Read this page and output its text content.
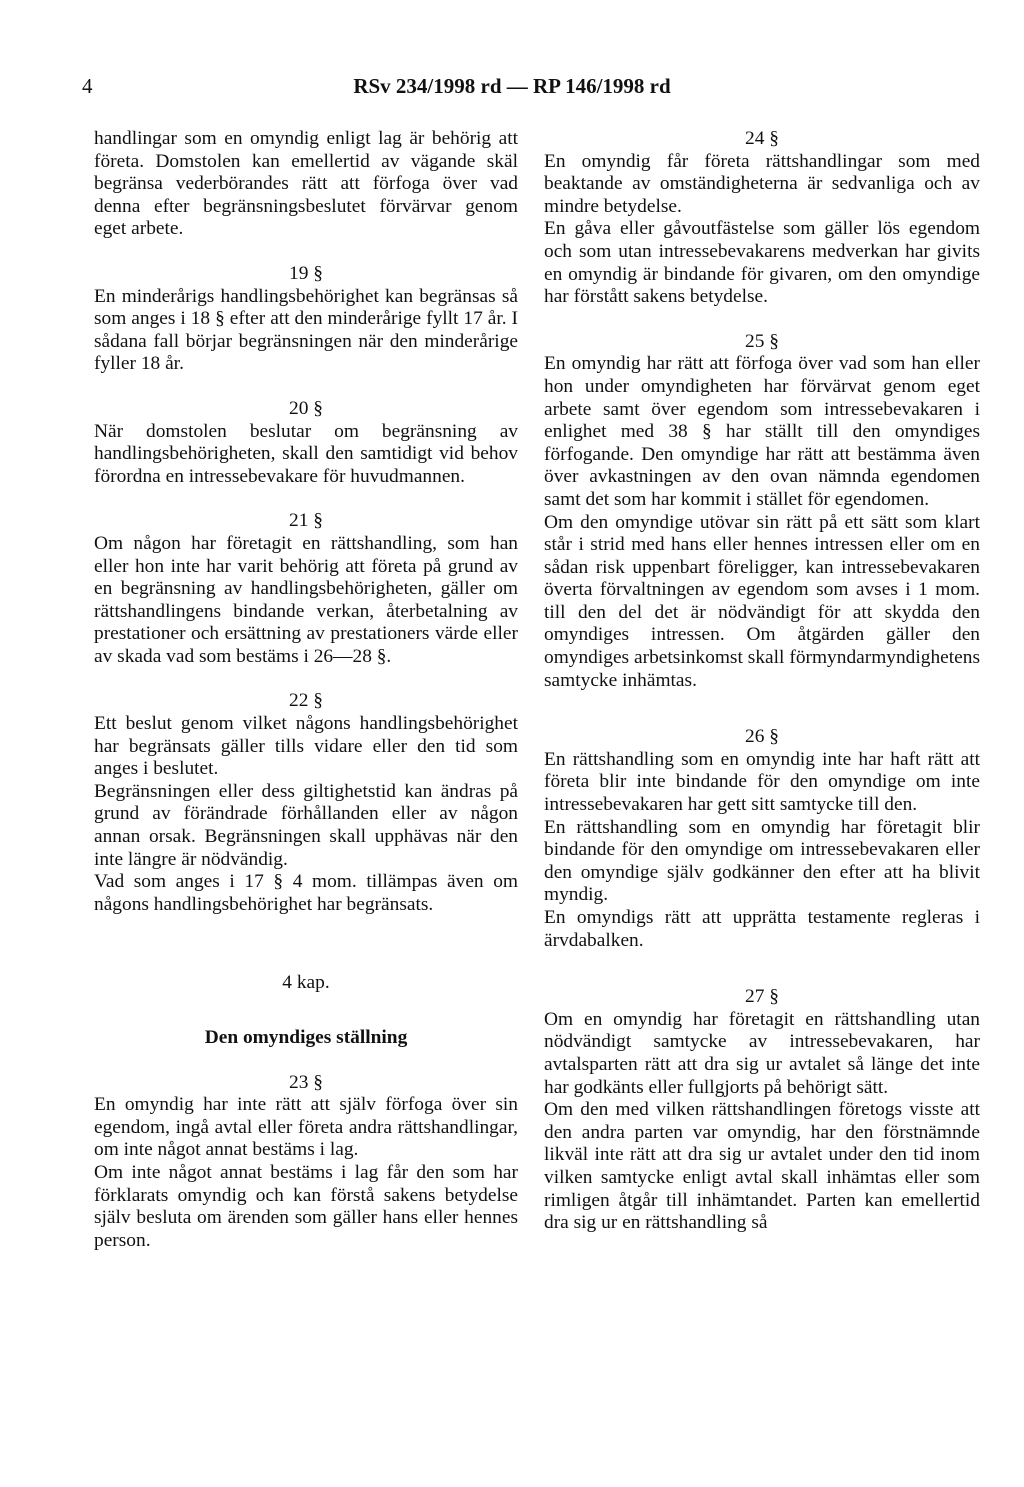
4	RSv 234/1998 rd — RP 146/1998 rd

handlingar som en omyndig enligt lag är behörig att företa. Domstolen kan emellertid av vägande skäl begränsa vederbörandes rätt att förfoga över vad denna efter begränsningsbeslutet förvärvar genom eget arbete.

19 §

En minderårigs handlingsbehörighet kan begränsas så som anges i 18 § efter att den minderårige fyllt 17 år. I sådana fall börjar begränsningen när den minderårige fyller 18 år.

20 §

När domstolen beslutar om begränsning av handlingsbehörigheten, skall den samtidigt vid behov förordna en intressebevakare för huvudmannen.

21 §

Om någon har företagit en rättshandling, som han eller hon inte har varit behörig att företa på grund av en begränsning av handlingsbehörigheten, gäller om rättshandlingens bindande verkan, återbetalning av prestationer och ersättning av prestationers värde eller av skada vad som bestäms i 26—28 §.

22 §

Ett beslut genom vilket någons handlingsbehörighet har begränsats gäller tills vidare eller den tid som anges i beslutet.

Begränsningen eller dess giltighetstid kan ändras på grund av förändrade förhållanden eller av någon annan orsak. Begränsningen skall upphävas när den inte längre är nödvändig.

Vad som anges i 17 § 4 mom. tillämpas även om någons handlingsbehörighet har begränsats.

4 kap.

Den omyndiges ställning

23 §

En omyndig har inte rätt att själv förfoga över sin egendom, ingå avtal eller företa andra rättshandlingar, om inte något annat bestäms i lag.

Om inte något annat bestäms i lag får den som har förklarats omyndig och kan förstå sakens betydelse själv besluta om ärenden som gäller hans eller hennes person.

24 §

En omyndig får företa rättshandlingar som med beaktande av omständigheterna är sedvanliga och av mindre betydelse.

En gåva eller gåvoutfästelse som gäller lös egendom och som utan intressebevakarens medverkan har givits en omyndig är bindande för givaren, om den omyndige har förstått sakens betydelse.

25 §

En omyndig har rätt att förfoga över vad som han eller hon under omyndigheten har förvärvat genom eget arbete samt över egendom som intressebevakaren i enlighet med 38 § har ställt till den omyndiges förfogande. Den omyndige har rätt att bestämma även över avkastningen av den ovan nämnda egendomen samt det som har kommit i stället för egendomen.

Om den omyndige utövar sin rätt på ett sätt som klart står i strid med hans eller hennes intressen eller om en sådan risk uppenbart föreligger, kan intressebevakaren överta förvaltningen av egendom som avses i 1 mom. till den del det är nödvändigt för att skydda den omyndiges intressen. Om åtgärden gäller den omyndiges arbetsinkomst skall förmyndarmyndighetens samtycke inhämtas.

26 §

En rättshandling som en omyndig inte har haft rätt att företa blir inte bindande för den omyndige om inte intressebevakaren har gett sitt samtycke till den.

En rättshandling som en omyndig har företagit blir bindande för den omyndige om intressebevakaren eller den omyndige själv godkänner den efter att ha blivit myndig.

En omyndigs rätt att upprätta testamente regleras i ärvdabalken.

27 §

Om en omyndig har företagit en rättshandling utan nödvändigt samtycke av intressebevakaren, har avtalsparten rätt att dra sig ur avtalet så länge det inte har godkänts eller fullgjorts på behörigt sätt.

Om den med vilken rättshandlingen företogs visste att den andra parten var omyndig, har den förstnämnde likväl inte rätt att dra sig ur avtalet under den tid inom vilken samtycke enligt avtal skall inhämtas eller som rimligen åtgår till inhämtandet. Parten kan emellertid dra sig ur en rättshandling så
